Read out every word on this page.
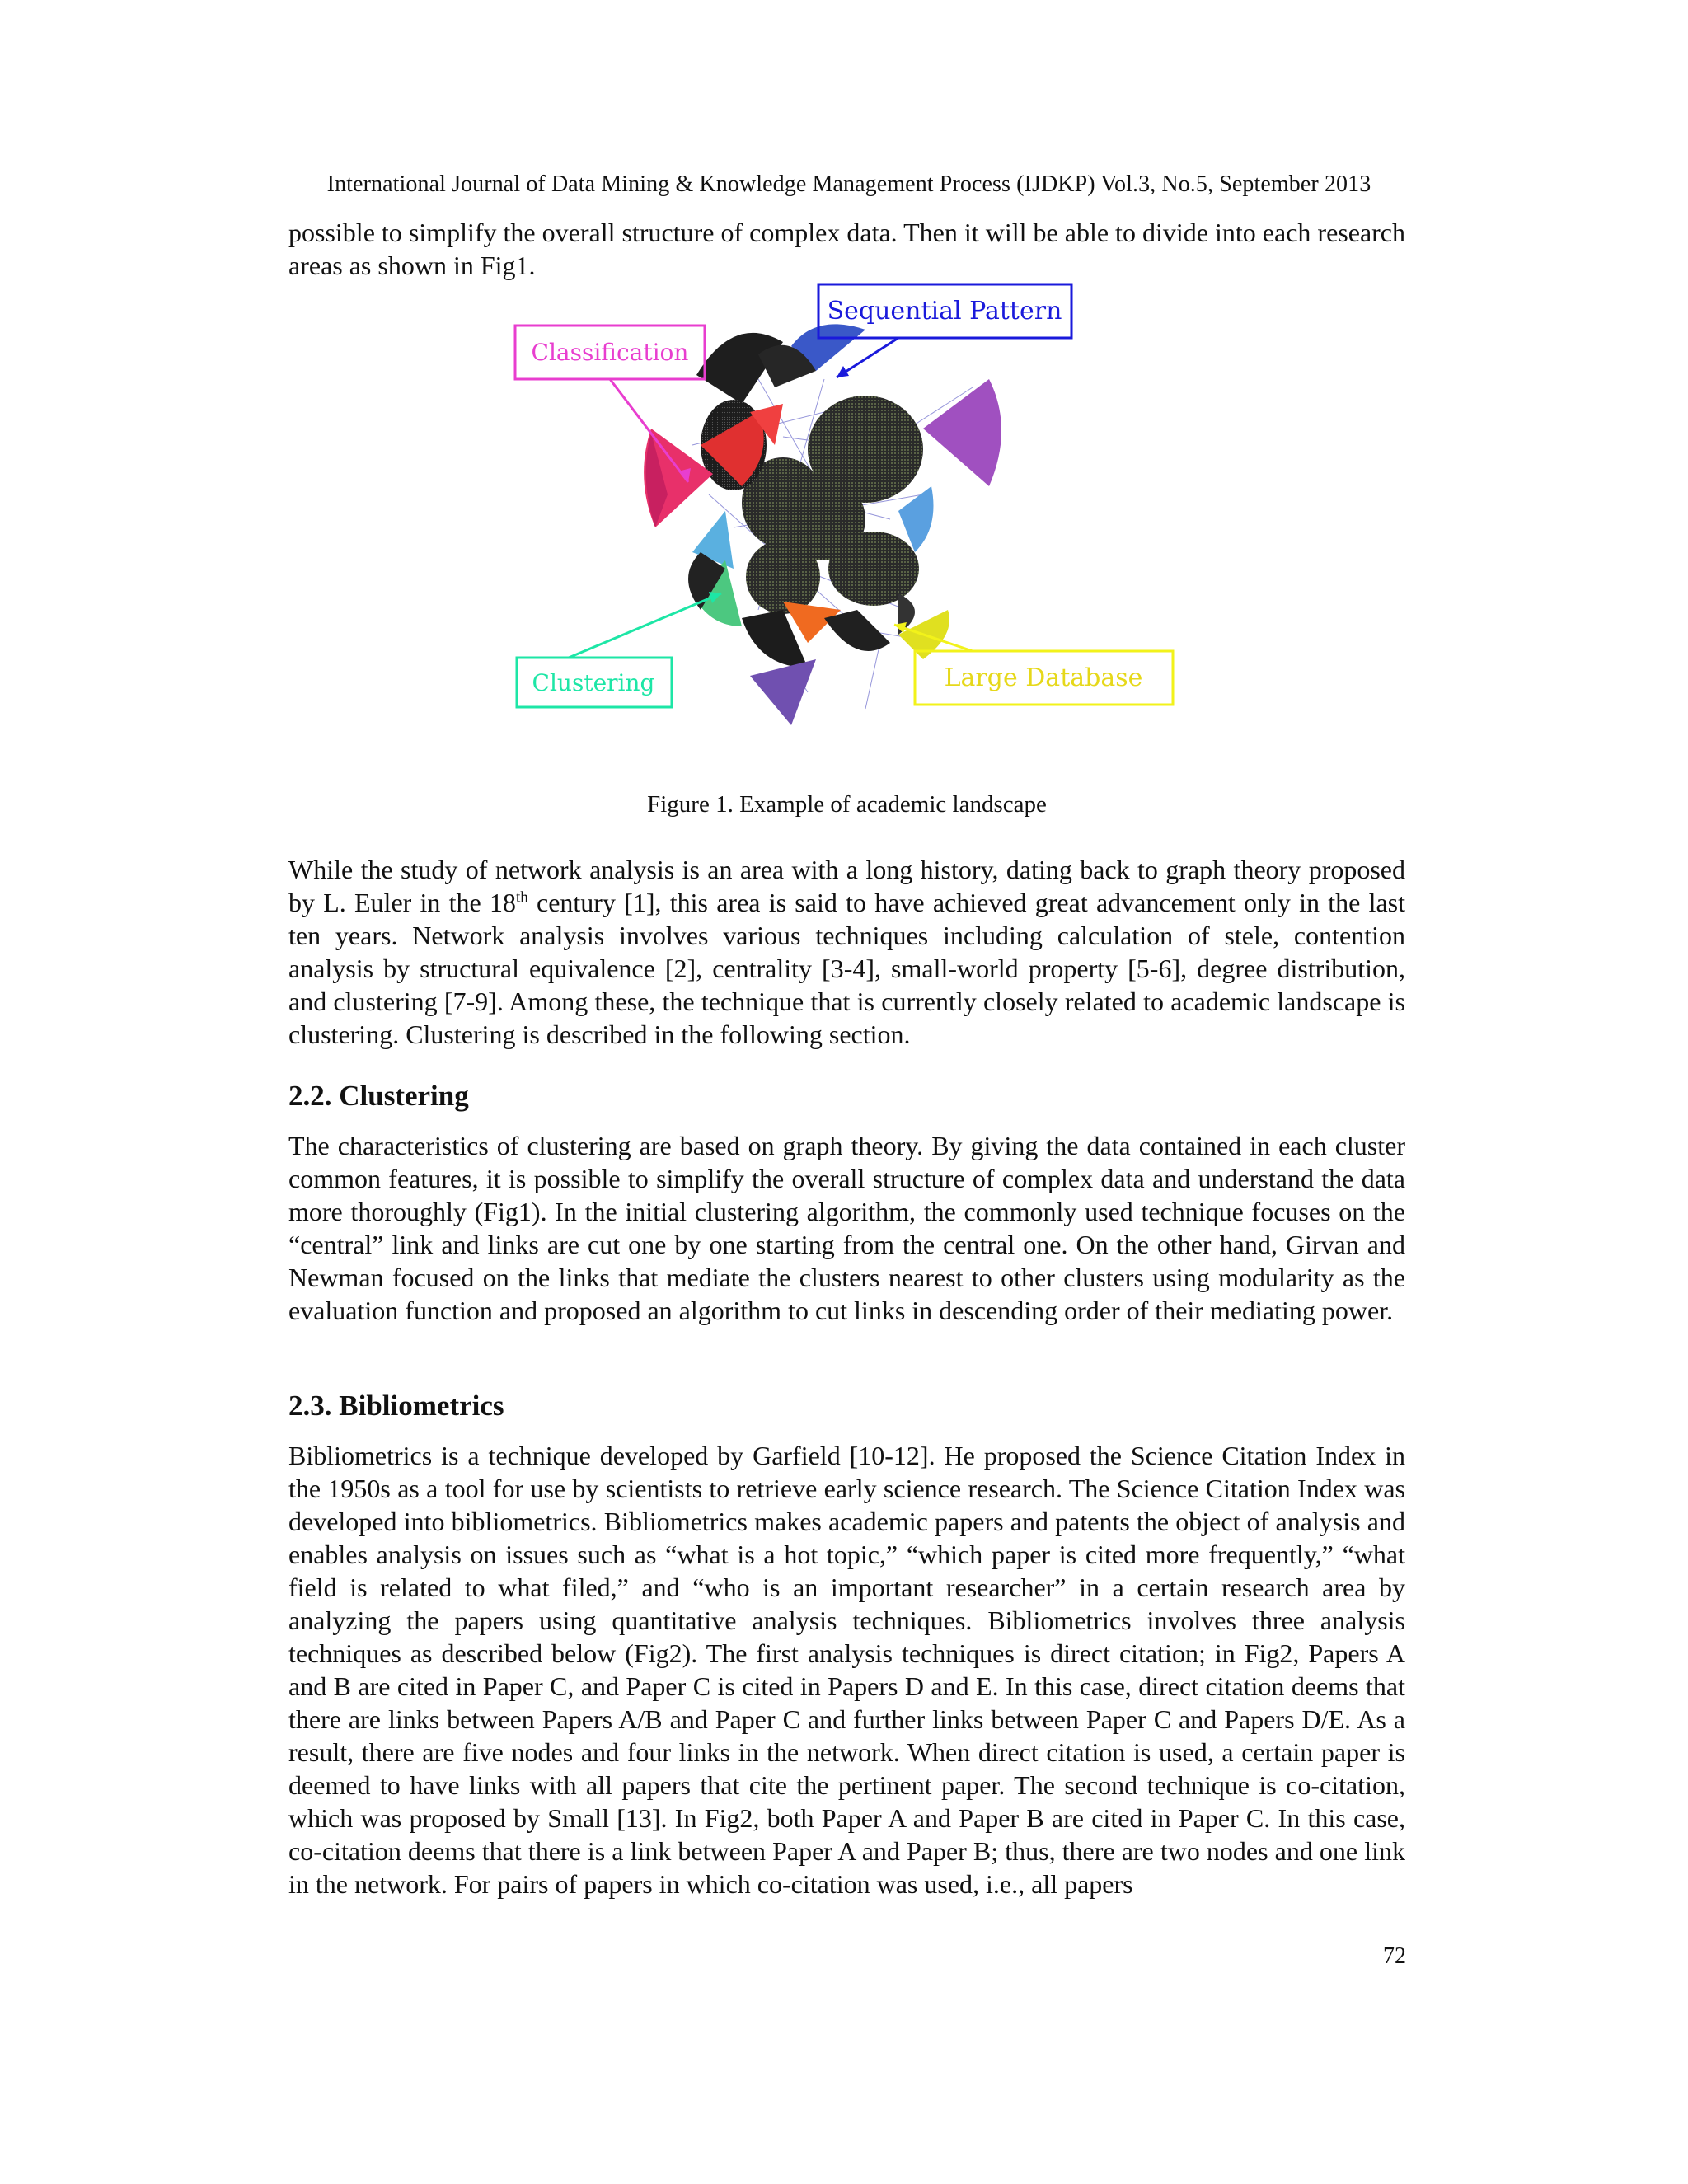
International Journal of Data Mining & Knowledge Management Process (IJDKP) Vol.3, No.5, September 2013

possible to simplify the overall structure of complex data. Then it will be able to divide into each research areas as shown in Fig1.

Classification
Sequential Pattern
Clustering	Large Database
Figure 1. Example of academic landscape

While the study of network analysis is an area with a long history, dating back to graph theory proposed by L. Euler in the 18th century [1], this area is said to have achieved great advancement only in the last ten years. Network analysis involves various techniques including calculation of stele, contention analysis by structural equivalence [2], centrality [3-4], small-world property [5-6], degree distribution, and clustering [7-9]. Among these, the technique that is currently closely related to academic landscape is clustering. Clustering is described in the following section.

2.2. Clustering

The characteristics of clustering are based on graph theory. By giving the data contained in each cluster common features, it is possible to simplify the overall structure of complex data and understand the data more thoroughly (Fig1). In the initial clustering algorithm, the commonly used technique focuses on the “central” link and links are cut one by one starting from the central one. On the other hand, Girvan and Newman focused on the links that mediate the clusters nearest to other clusters using modularity as the evaluation function and proposed an algorithm to cut links in descending order of their mediating power.

2.3. Bibliometrics

Bibliometrics is a technique developed by Garfield [10-12]. He proposed the Science Citation Index in the 1950s as a tool for use by scientists to retrieve early science research. The Science Citation Index was developed into bibliometrics. Bibliometrics makes academic papers and patents the object of analysis and enables analysis on issues such as “what is a hot topic,” “which paper is cited more frequently,” “what field is related to what filed,” and “who is an important researcher” in a certain research area by analyzing the papers using quantitative analysis techniques. Bibliometrics involves three analysis techniques as described below (Fig2). The first analysis techniques is direct citation; in Fig2, Papers A and B are cited in Paper C, and Paper C is cited in Papers D and E. In this case, direct citation deems that there are links between Papers A/B and Paper C and further links between Paper C and Papers D/E. As a result, there are five nodes and four links in the network. When direct citation is used, a certain paper is deemed to have links with all papers that cite the pertinent paper. The second technique is co-citation, which was proposed by Small [13]. In Fig2, both Paper A and Paper B are cited in Paper C. In this case, co-citation deems that there is a link between Paper A and Paper B; thus, there are two nodes and one link in the network. For pairs of papers in which co-citation was used, i.e., all papers

72
